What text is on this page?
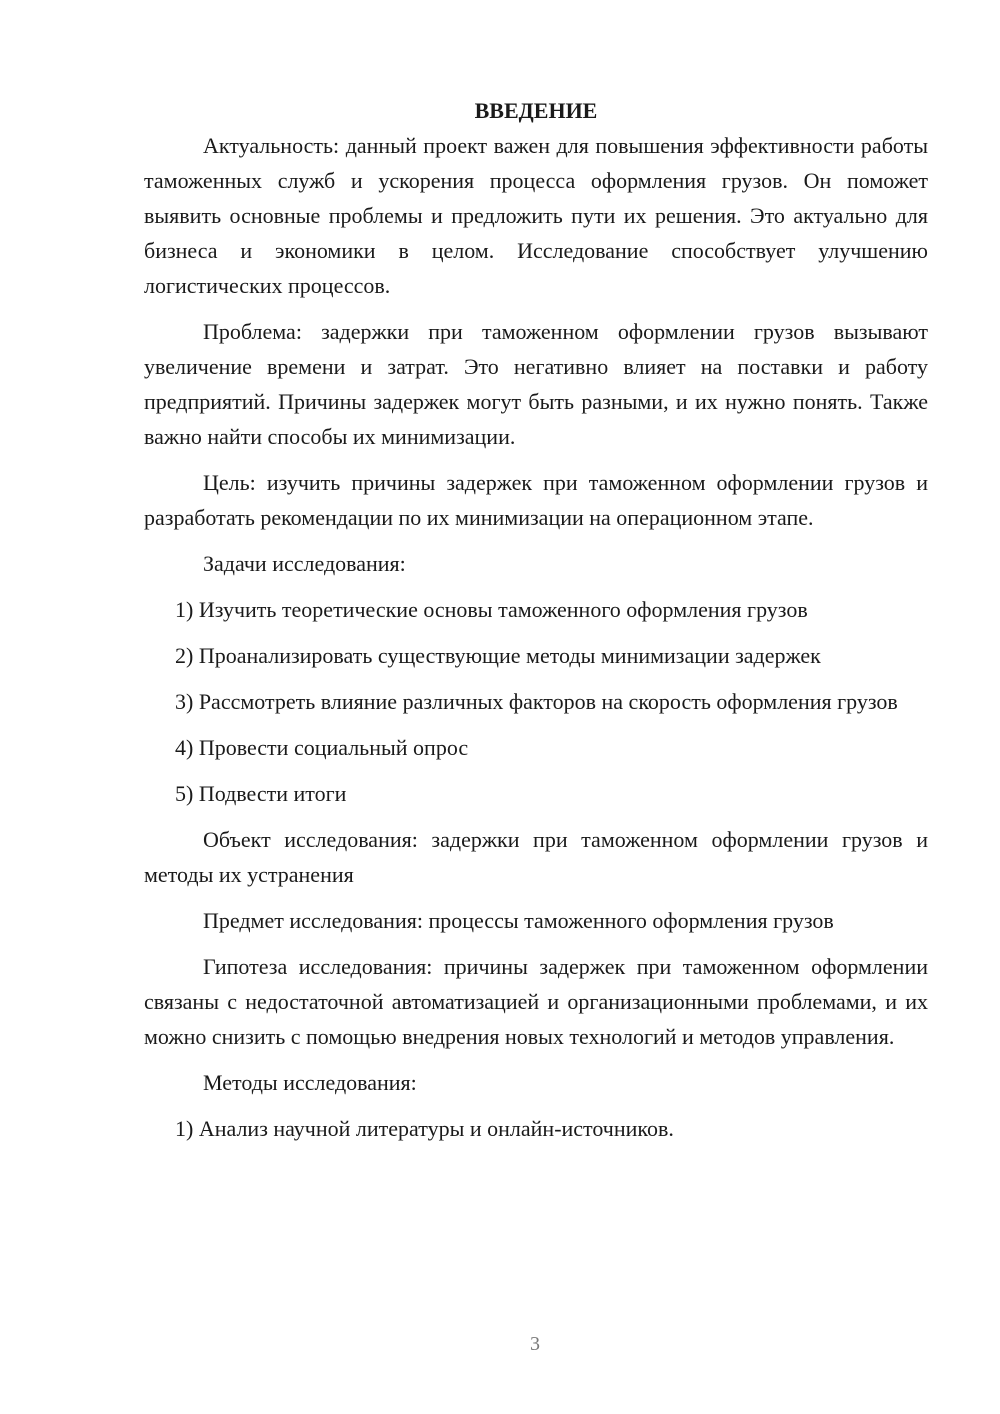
ВВЕДЕНИЕ

Актуальность: данный проект важен для повышения эффективности работы таможенных служб и ускорения процесса оформления грузов. Он поможет выявить основные проблемы и предложить пути их решения. Это актуально для бизнеса и экономики в целом. Исследование способствует улучшению логистических процессов.

Проблема: задержки при таможенном оформлении грузов вызывают увеличение времени и затрат. Это негативно влияет на поставки и работу предприятий. Причины задержек могут быть разными, и их нужно понять. Также важно найти способы их минимизации.

Цель: изучить причины задержек при таможенном оформлении грузов и разработать рекомендации по их минимизации на операционном этапе.

Задачи исследования:

1) Изучить теоретические основы таможенного оформления грузов

2) Проанализировать существующие методы минимизации задержек

3) Рассмотреть влияние различных факторов на скорость оформления грузов

4) Провести социальный опрос

5) Подвести итоги

Объект исследования: задержки при таможенном оформлении грузов и методы их устранения

Предмет исследования: процессы таможенного оформления грузов

Гипотеза исследования: причины задержек при таможенном оформлении связаны с недостаточной автоматизацией и организационными проблемами, и их можно снизить с помощью внедрения новых технологий и методов управления.

Методы исследования:

1) Анализ научной литературы и онлайн-источников.

3
